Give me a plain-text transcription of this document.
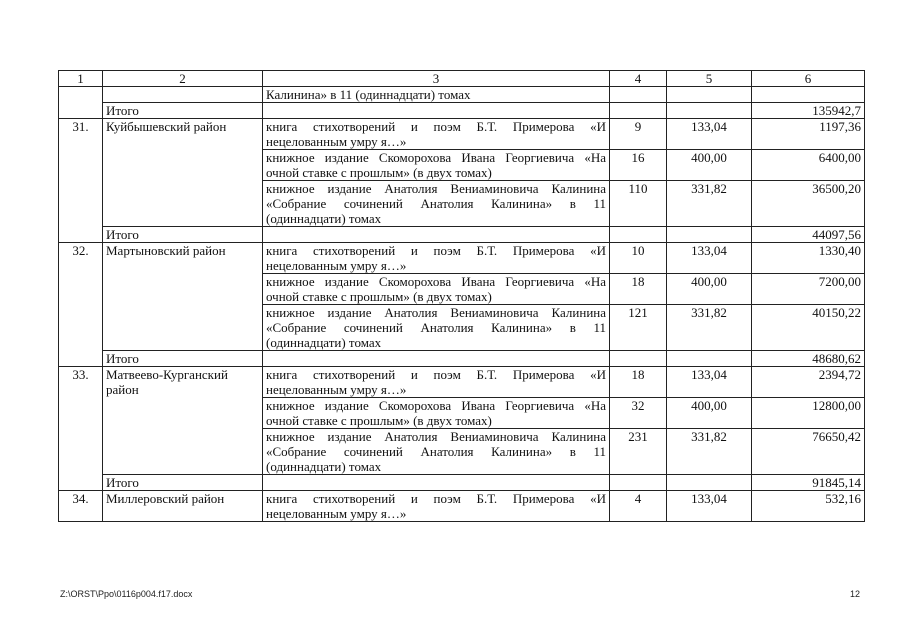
1	2	3	4	5	6
		Калинина» в 11 (одиннадцати) томах			
	Итого				135942,7
31.	Куйбышевский район	книга стихотворений и поэм Б.Т. Примерова «И нецелованным умру я…»	9	133,04	1197,36
		книжное издание Скоморохова Ивана Георгиевича «На очной ставке с прошлым» (в двух томах)	16	400,00	6400,00
		книжное издание Анатолия Вениаминовича Калинина «Собрание сочинений Анатолия Калинина» в 11 (одиннадцати) томах	110	331,82	36500,20
	Итого				44097,56
32.	Мартыновский район	книга стихотворений и поэм Б.Т. Примерова «И нецелованным умру я…»	10	133,04	1330,40
		книжное издание Скоморохова Ивана Георгиевича «На очной ставке с прошлым» (в двух томах)	18	400,00	7200,00
		книжное издание Анатолия Вениаминовича Калинина «Собрание сочинений Анатолия Калинина» в 11 (одиннадцати) томах	121	331,82	40150,22
	Итого				48680,62
33.	Матвеево-Курганский район	книга стихотворений и поэм Б.Т. Примерова «И нецелованным умру я…»	18	133,04	2394,72
		книжное издание Скоморохова Ивана Георгиевича «На очной ставке с прошлым» (в двух томах)	32	400,00	12800,00
		книжное издание Анатолия Вениаминовича Калинина «Собрание сочинений Анатолия Калинина» в 11 (одиннадцати) томах	231	331,82	76650,42
	Итого				91845,14
34.	Миллеровский район	книга стихотворений и поэм Б.Т. Примерова «И нецелованным умру я…»	4	133,04	532,16
Z:\ORST\Ppo\0116p004.f17.docx	12
